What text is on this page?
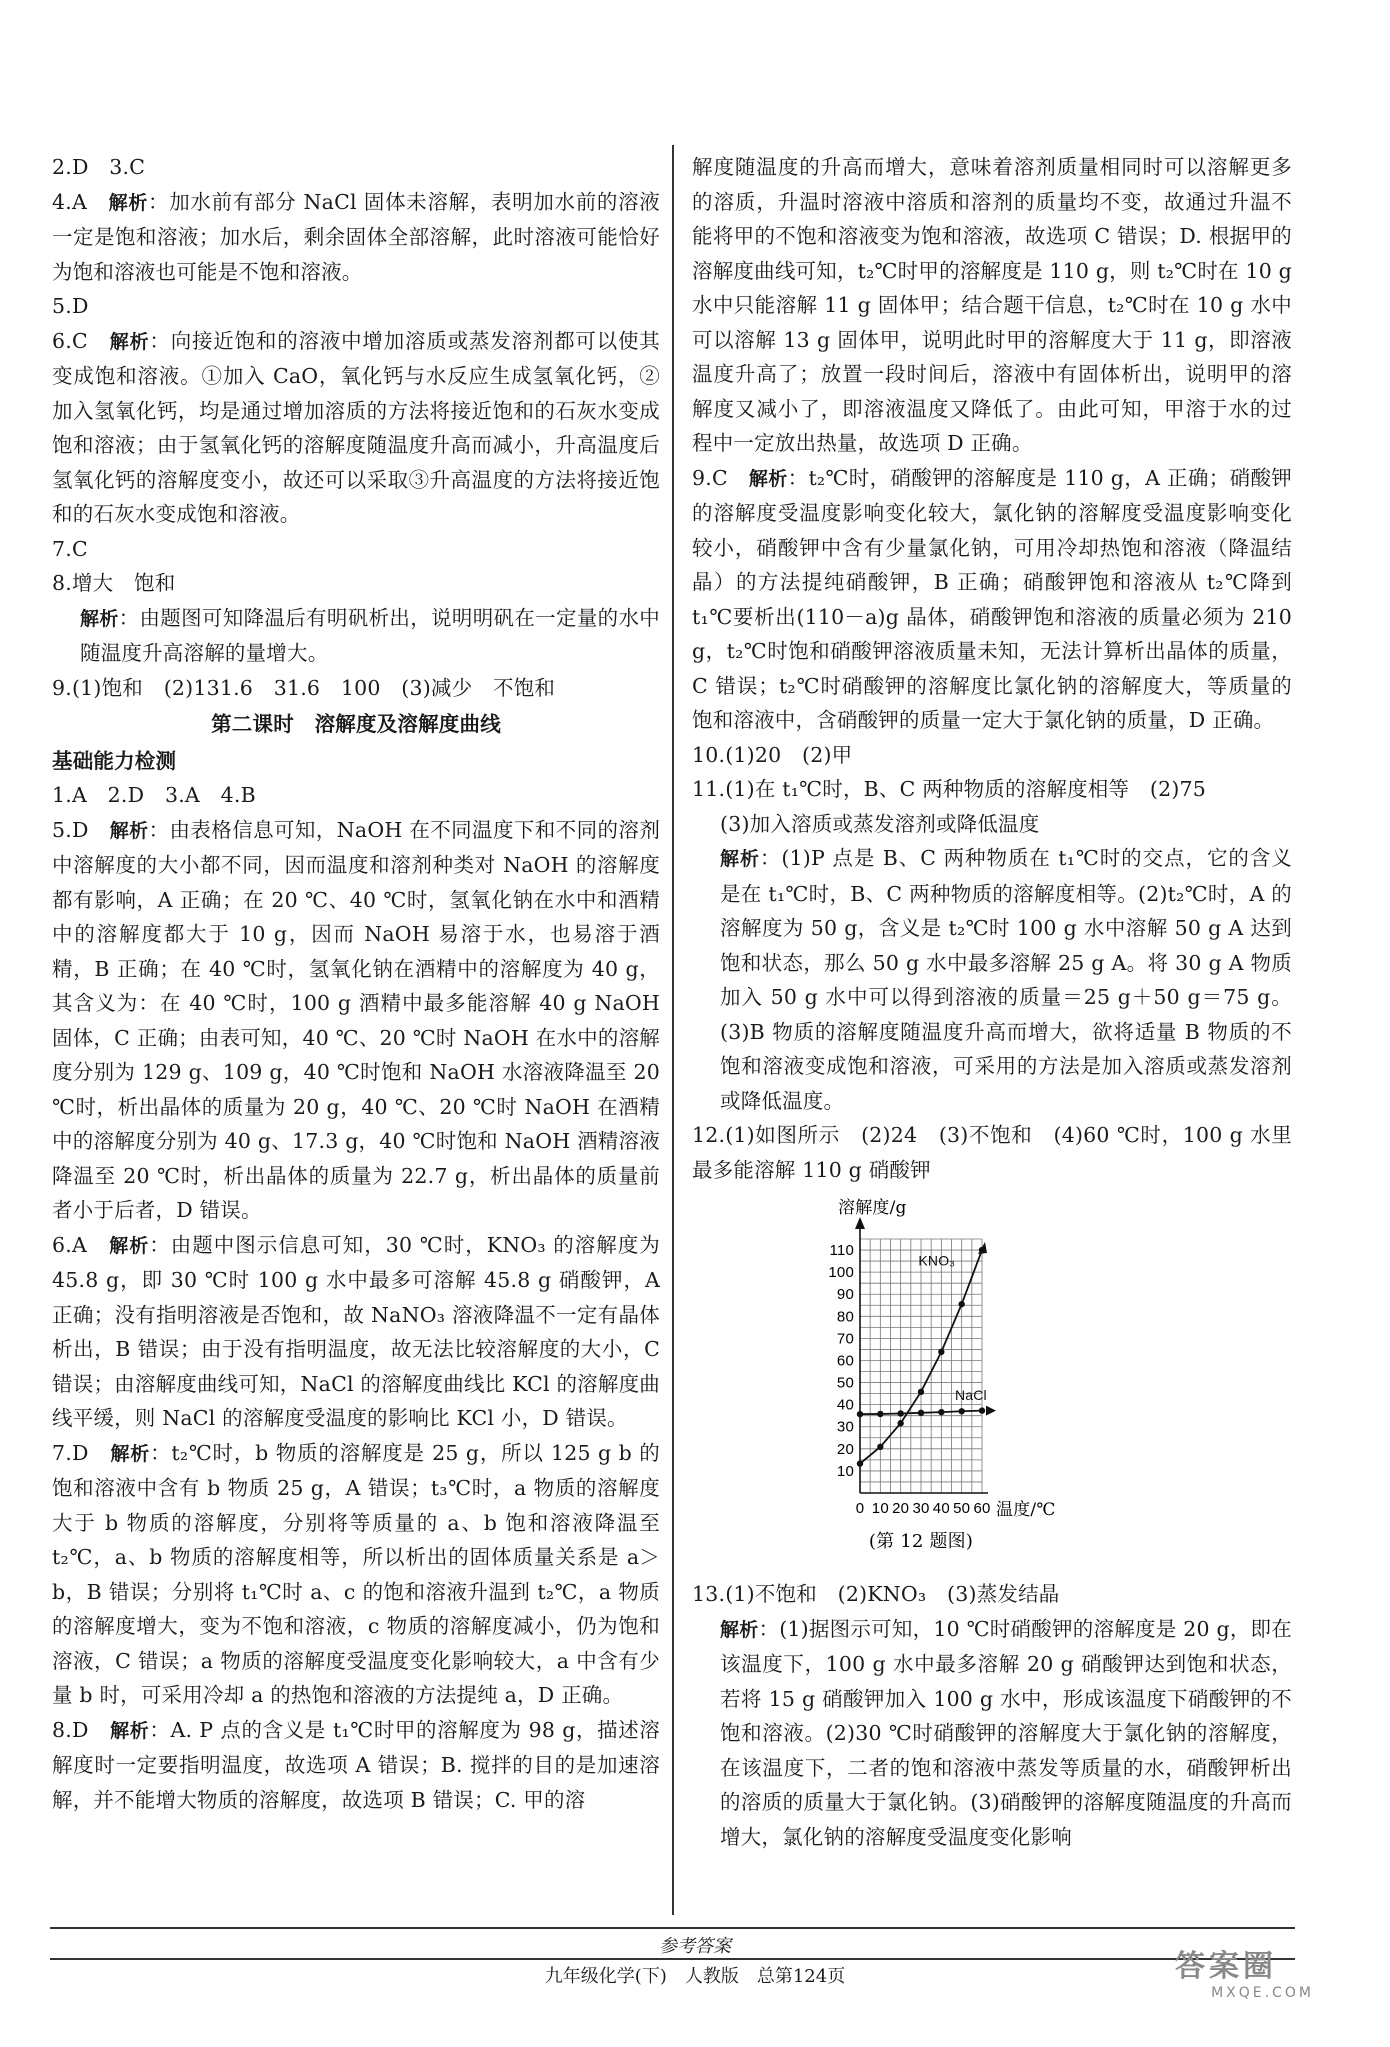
2.D　3.C

4.A　 解析：加水前有部分 NaCl 固体未溶解，表明加水前的溶液一定是饱和溶液；加水后，剩余固体全部溶解，此时溶液可能恰好为饱和溶液也可能是不饱和溶液。

5.D

6.C　 解析：向接近饱和的溶液中增加溶质或蒸发溶剂都可以使其变成饱和溶液。①加入 CaO，氧化钙与水反应生成氢氧化钙，②加入氢氧化钙，均是通过增加溶质的方法将接近饱和的石灰水变成饱和溶液；由于氢氧化钙的溶解度随温度升高而减小，升高温度后氢氧化钙的溶解度变小，故还可以采取③升高温度的方法将接近饱和的石灰水变成饱和溶液。

7.C

8.增大　饱和

解析：由题图可知降温后有明矾析出，说明明矾在一定量的水中随温度升高溶解的量增大。

9.(1)饱和　(2)131.6　31.6　100　(3)减少　不饱和

第二课时　溶解度及溶解度曲线
基础能力检测

1.A　2.D　3.A　4.B

5.D　 解析：由表格信息可知，NaOH 在不同温度下和不同的溶剂中溶解度的大小都不同，因而温度和溶剂种类对 NaOH 的溶解度都有影响，A 正确；在 20 ℃、40 ℃时，氢氧化钠在水中和酒精中的溶解度都大于 10 g，因而 NaOH 易溶于水，也易溶于酒精，B 正确；在 40 ℃时，氢氧化钠在酒精中的溶解度为 40 g，其含义为：在 40 ℃时，100 g 酒精中最多能溶解 40 g NaOH 固体，C 正确；由表可知，40 ℃、20 ℃时 NaOH 在水中的溶解度分别为 129 g、109 g，40 ℃时饱和 NaOH 水溶液降温至 20 ℃时，析出晶体的质量为 20 g，40 ℃、20 ℃时 NaOH 在酒精中的溶解度分别为 40 g、17.3 g，40 ℃时饱和 NaOH 酒精溶液降温至 20 ℃时，析出晶体的质量为 22.7 g，析出晶体的质量前者小于后者，D 错误。

6.A　 解析：由题中图示信息可知，30 ℃时，KNO₃ 的溶解度为 45.8 g，即 30 ℃时 100 g 水中最多可溶解 45.8 g 硝酸钾，A 正确；没有指明溶液是否饱和，故 NaNO₃ 溶液降温不一定有晶体析出，B 错误；由于没有指明温度，故无法比较溶解度的大小，C 错误；由溶解度曲线可知，NaCl 的溶解度曲线比 KCl 的溶解度曲线平缓，则 NaCl 的溶解度受温度的影响比 KCl 小，D 错误。

7.D　 解析：t₂℃时，b 物质的溶解度是 25 g，所以 125 g b 的饱和溶液中含有 b 物质 25 g，A 错误；t₃℃时，a 物质的溶解度大于 b 物质的溶解度，分别将等质量的 a、b 饱和溶液降温至 t₂℃，a、b 物质的溶解度相等，所以析出的固体质量关系是 a＞b，B 错误；分别将 t₁℃时 a、c 的饱和溶液升温到 t₂℃，a 物质的溶解度增大，变为不饱和溶液，c 物质的溶解度减小，仍为饱和溶液，C 错误；a 物质的溶解度受温度变化影响较大，a 中含有少量 b 时，可采用冷却 a 的热饱和溶液的方法提纯 a，D 正确。

8.D　 解析：A. P 点的含义是 t₁℃时甲的溶解度为 98 g，描述溶解度时一定要指明温度，故选项 A 错误；B. 搅拌的目的是加速溶解，并不能增大物质的溶解度，故选项 B 错误；C. 甲的溶

解度随温度的升高而增大，意味着溶剂质量相同时可以溶解更多的溶质，升温时溶液中溶质和溶剂的质量均不变，故通过升温不能将甲的不饱和溶液变为饱和溶液，故选项 C 错误；D. 根据甲的溶解度曲线可知，t₂℃时甲的溶解度是 110 g，则 t₂℃时在 10 g 水中只能溶解 11 g 固体甲；结合题干信息，t₂℃时在 10 g 水中可以溶解 13 g 固体甲，说明此时甲的溶解度大于 11 g，即溶液温度升高了；放置一段时间后，溶液中有固体析出，说明甲的溶解度又减小了，即溶液温度又降低了。由此可知，甲溶于水的过程中一定放出热量，故选项 D 正确。

9.C　 解析：t₂℃时，硝酸钾的溶解度是 110 g，A 正确；硝酸钾的溶解度受温度影响变化较大，氯化钠的溶解度受温度影响变化较小，硝酸钾中含有少量氯化钠，可用冷却热饱和溶液（降温结晶）的方法提纯硝酸钾，B 正确；硝酸钾饱和溶液从 t₂℃降到 t₁℃要析出(110－a)g 晶体，硝酸钾饱和溶液的质量必须为 210 g，t₂℃时饱和硝酸钾溶液质量未知，无法计算析出晶体的质量，C 错误；t₂℃时硝酸钾的溶解度比氯化钠的溶解度大，等质量的饱和溶液中，含硝酸钾的质量一定大于氯化钠的质量，D 正确。

10.(1)20　(2)甲

11.(1)在 t₁℃时，B、C 两种物质的溶解度相等　(2)75

(3)加入溶质或蒸发溶剂或降低温度

解析：(1)P 点是 B、C 两种物质在 t₁℃时的交点，它的含义是在 t₁℃时，B、C 两种物质的溶解度相等。(2)t₂℃时，A 的溶解度为 50 g，含义是 t₂℃时 100 g 水中溶解 50 g A 达到饱和状态，那么 50 g 水中最多溶解 25 g A。将 30 g A 物质加入 50 g 水中可以得到溶液的质量＝25 g＋50 g＝75 g。(3)B 物质的溶解度随温度升高而增大，欲将适量 B 物质的不饱和溶液变成饱和溶液，可采用的方法是加入溶质或蒸发溶剂或降低温度。

12.(1)如图所示　(2)24　(3)不饱和　(4)60 ℃时，100 g 水里最多能溶解 110 g 硝酸钾

10
20
30
40
50
60
70
80
90
100
110
0 10 20 30 40 50 60
溶解度/g
温度/℃
KNO₃
NaCl
(第 12 题图)

13.(1)不饱和　(2)KNO₃　(3)蒸发结晶

解析：(1)据图示可知，10 ℃时硝酸钾的溶解度是 20 g，即在该温度下，100 g 水中最多溶解 20 g 硝酸钾达到饱和状态，若将 15 g 硝酸钾加入 100 g 水中，形成该温度下硝酸钾的不饱和溶液。(2)30 ℃时硝酸钾的溶解度大于氯化钠的溶解度，在该温度下，二者的饱和溶液中蒸发等质量的水，硝酸钾析出的溶质的质量大于氯化钠。(3)硝酸钾的溶解度随温度的升高而增大，氯化钠的溶解度受温度变化影响

参考答案
九年级化学(下)　人教版　总第124页	答案圈
MXQE.COM
